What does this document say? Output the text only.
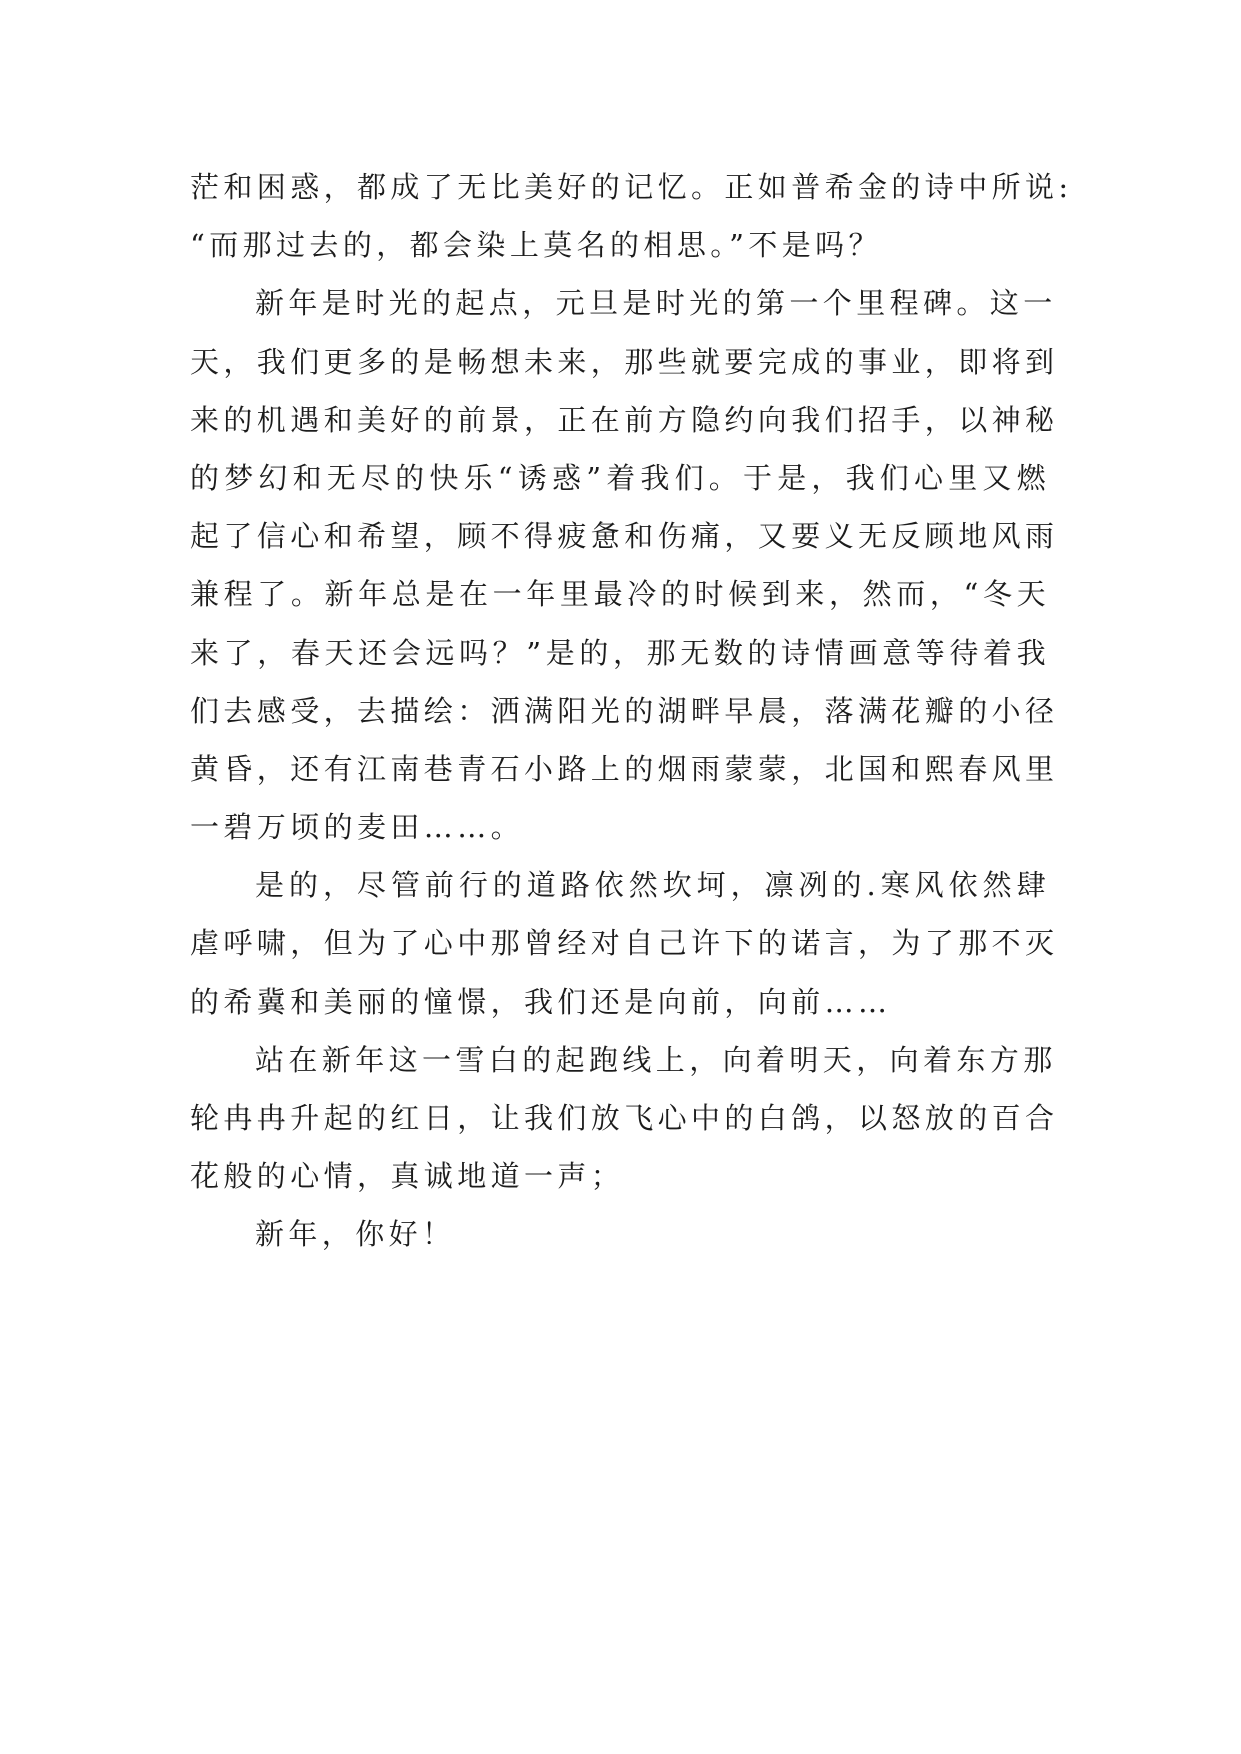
茫和困惑，都成了无比美好的记忆。正如普希金的诗中所说:
“而那过去的，都会染上莫名的相思。”不是吗？

新年是时光的起点，元旦是时光的第一个里程碑。这一
天，我们更多的是畅想未来，那些就要完成的事业，即将到
来的机遇和美好的前景，正在前方隐约向我们招手，以神秘
的梦幻和无尽的快乐“诱惑”着我们。于是，我们心里又燃
起了信心和希望，顾不得疲惫和伤痛，又要义无反顾地风雨
兼程了。新年总是在一年里最冷的时候到来，然而，“冬天
来了，春天还会远吗？”是的，那无数的诗情画意等待着我
们去感受，去描绘：洒满阳光的湖畔早晨，落满花瓣的小径
黄昏，还有江南巷青石小路上的烟雨蒙蒙，北国和熙春风里
一碧万顷的麦田……。

是的，尽管前行的道路依然坎坷，凛冽的.寒风依然肆
虐呼啸，但为了心中那曾经对自己许下的诺言，为了那不灭
的希冀和美丽的憧憬，我们还是向前，向前……

站在新年这一雪白的起跑线上，向着明天，向着东方那
轮冉冉升起的红日，让我们放飞心中的白鸽，以怒放的百合
花般的心情，真诚地道一声；

新年，你好！
